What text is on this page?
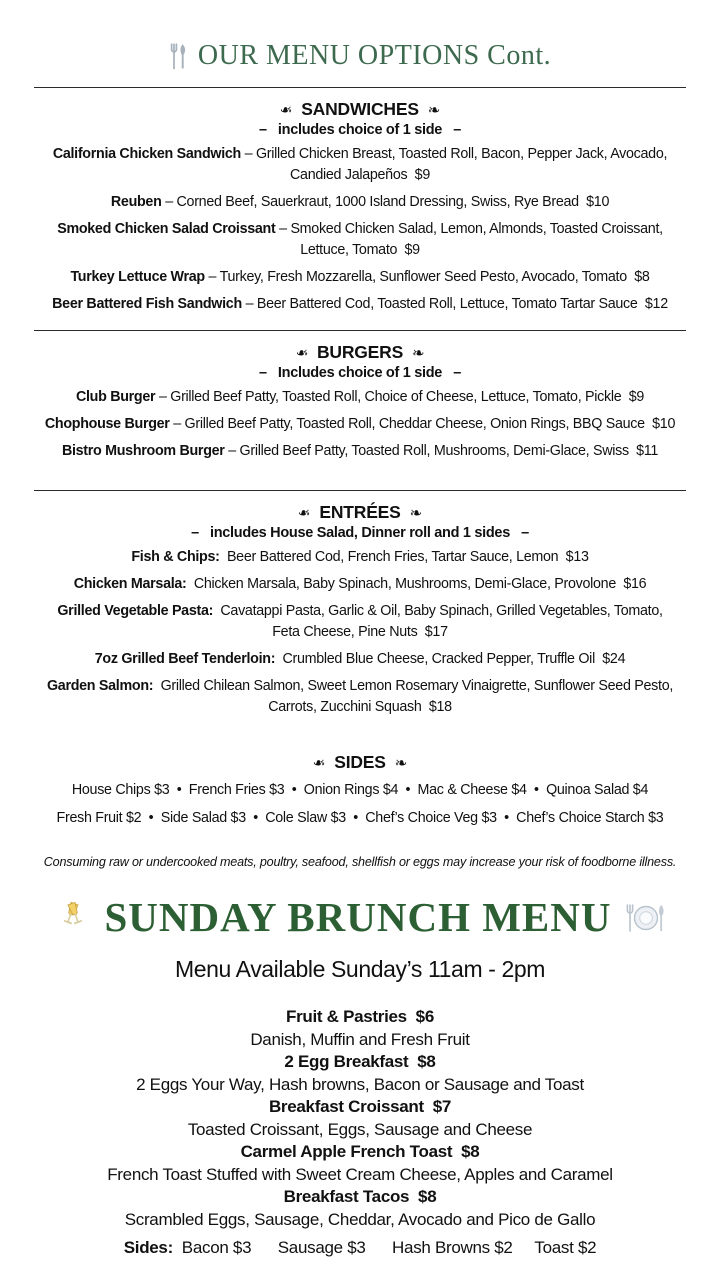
OUR MENU OPTIONS Cont.
❧ SANDWICHES ❧

–   includes choice of 1 side   –

California Chicken Sandwich – Grilled Chicken Breast, Toasted Roll, Bacon, Pepper Jack, Avocado, Candied Jalapeños  $9

Reuben – Corned Beef, Sauerkraut, 1000 Island Dressing, Swiss, Rye Bread  $10

Smoked Chicken Salad Croissant – Smoked Chicken Salad, Lemon, Almonds, Toasted Croissant, Lettuce, Tomato  $9

Turkey Lettuce Wrap – Turkey, Fresh Mozzarella, Sunflower Seed Pesto, Avocado, Tomato  $8

Beer Battered Fish Sandwich – Beer Battered Cod, Toasted Roll, Lettuce, Tomato Tartar Sauce  $12

❧ BURGERS ❧

–   Includes choice of 1 side   –

Club Burger – Grilled Beef Patty, Toasted Roll, Choice of Cheese, Lettuce, Tomato, Pickle  $9

Chophouse Burger – Grilled Beef Patty, Toasted Roll, Cheddar Cheese, Onion Rings, BBQ Sauce  $10

Bistro Mushroom Burger – Grilled Beef Patty, Toasted Roll, Mushrooms, Demi-Glace, Swiss  $11

❧ ENTRÉES ❧

–   includes House Salad, Dinner roll and 1 sides   –

Fish & Chips:  Beer Battered Cod, French Fries, Tartar Sauce, Lemon  $13

Chicken Marsala:  Chicken Marsala, Baby Spinach, Mushrooms, Demi-Glace, Provolone  $16

Grilled Vegetable Pasta:  Cavatappi Pasta, Garlic & Oil, Baby Spinach, Grilled Vegetables, Tomato, Feta Cheese, Pine Nuts  $17

7oz Grilled Beef Tenderloin:  Crumbled Blue Cheese, Cracked Pepper, Truffle Oil  $24

Garden Salmon:  Grilled Chilean Salmon, Sweet Lemon Rosemary Vinaigrette, Sunflower Seed Pesto, Carrots, Zucchini Squash  $18

❧ SIDES ❧

House Chips $3  •  French Fries $3  •  Onion Rings $4  •  Mac & Cheese $4  •  Quinoa Salad $4

Fresh Fruit $2  •  Side Salad $3  •  Cole Slaw $3  •  Chef’s Choice Veg $3  •  Chef’s Choice Starch $3

Consuming raw or undercooked meats, poultry, seafood, shellfish or eggs may increase your risk of foodborne illness.

SUNDAY BRUNCH MENU

Menu Available Sunday’s 11am - 2pm

Fruit & Pastries  $6
Danish, Muffin and Fresh Fruit
2 Egg Breakfast  $8
2 Eggs Your Way, Hash browns, Bacon or Sausage and Toast
Breakfast Croissant  $7
Toasted Croissant, Eggs, Sausage and Cheese
Carmel Apple French Toast  $8
French Toast Stuffed with Sweet Cream Cheese, Apples and Caramel
Breakfast Tacos  $8
Scrambled Eggs, Sausage, Cheddar, Avocado and Pico de Gallo

Sides:  Bacon $3      Sausage $3      Hash Browns $2     Toast $2
